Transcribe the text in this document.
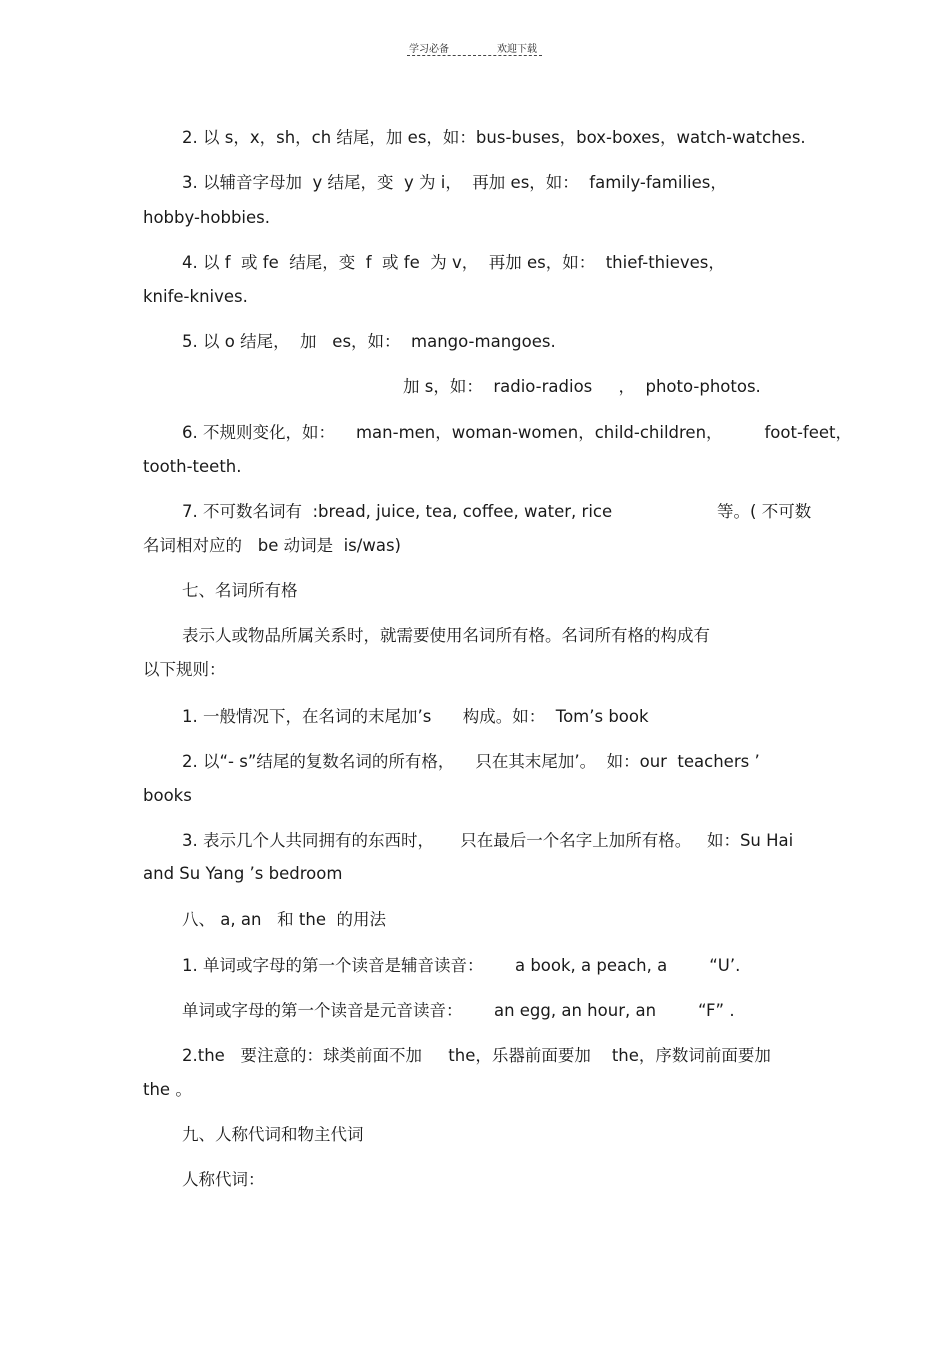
学习必备	欢迎下载
2. 以 s，x，sh，ch 结尾，加 es，如：bus-buses，box-boxes，watch-watches.
3. 以辅音字母加  y 结尾，变  y 为 i，  再加 es，如：  family-families，
hobby-hobbies.
4. 以 f  或 fe  结尾，变  f  或 fe  为 v，  再加 es，如：  thief-thieves，
knife-knives.
5. 以 o 结尾，  加   es，如：  mango-mangoes.
加 s，如：  radio-radios     ，  photo-photos.
6. 不规则变化，如：    man-men，woman-women，child-children，        foot-feet，
tooth-teeth.
7. 不可数名词有  :bread, juice, tea, coffee, water, rice                    等。( 不可数
名词相对应的   be 动词是  is/was)
七、名词所有格
表示人或物品所属关系时，就需要使用名词所有格。名词所有格的构成有
以下规则：
1. 一般情况下，在名词的末尾加’s      构成。如：  Tom’s book
2. 以“- s”结尾的复数名词的所有格，    只在其末尾加’。  如：our  teachers ’
books
3. 表示几个人共同拥有的东西时，     只在最后一个名字上加所有格。   如：Su Hai
and Su Yang ’s bedroom
八、 a, an   和 the  的用法
1. 单词或字母的第一个读音是辅音读音：      a book, a peach, a        “U’.
单词或字母的第一个读音是元音读音：      an egg, an hour, an        “F” .
2.the   要注意的：球类前面不加     the，乐器前面要加    the，序数词前面要加
the 。
九、人称代词和物主代词
人称代词：
